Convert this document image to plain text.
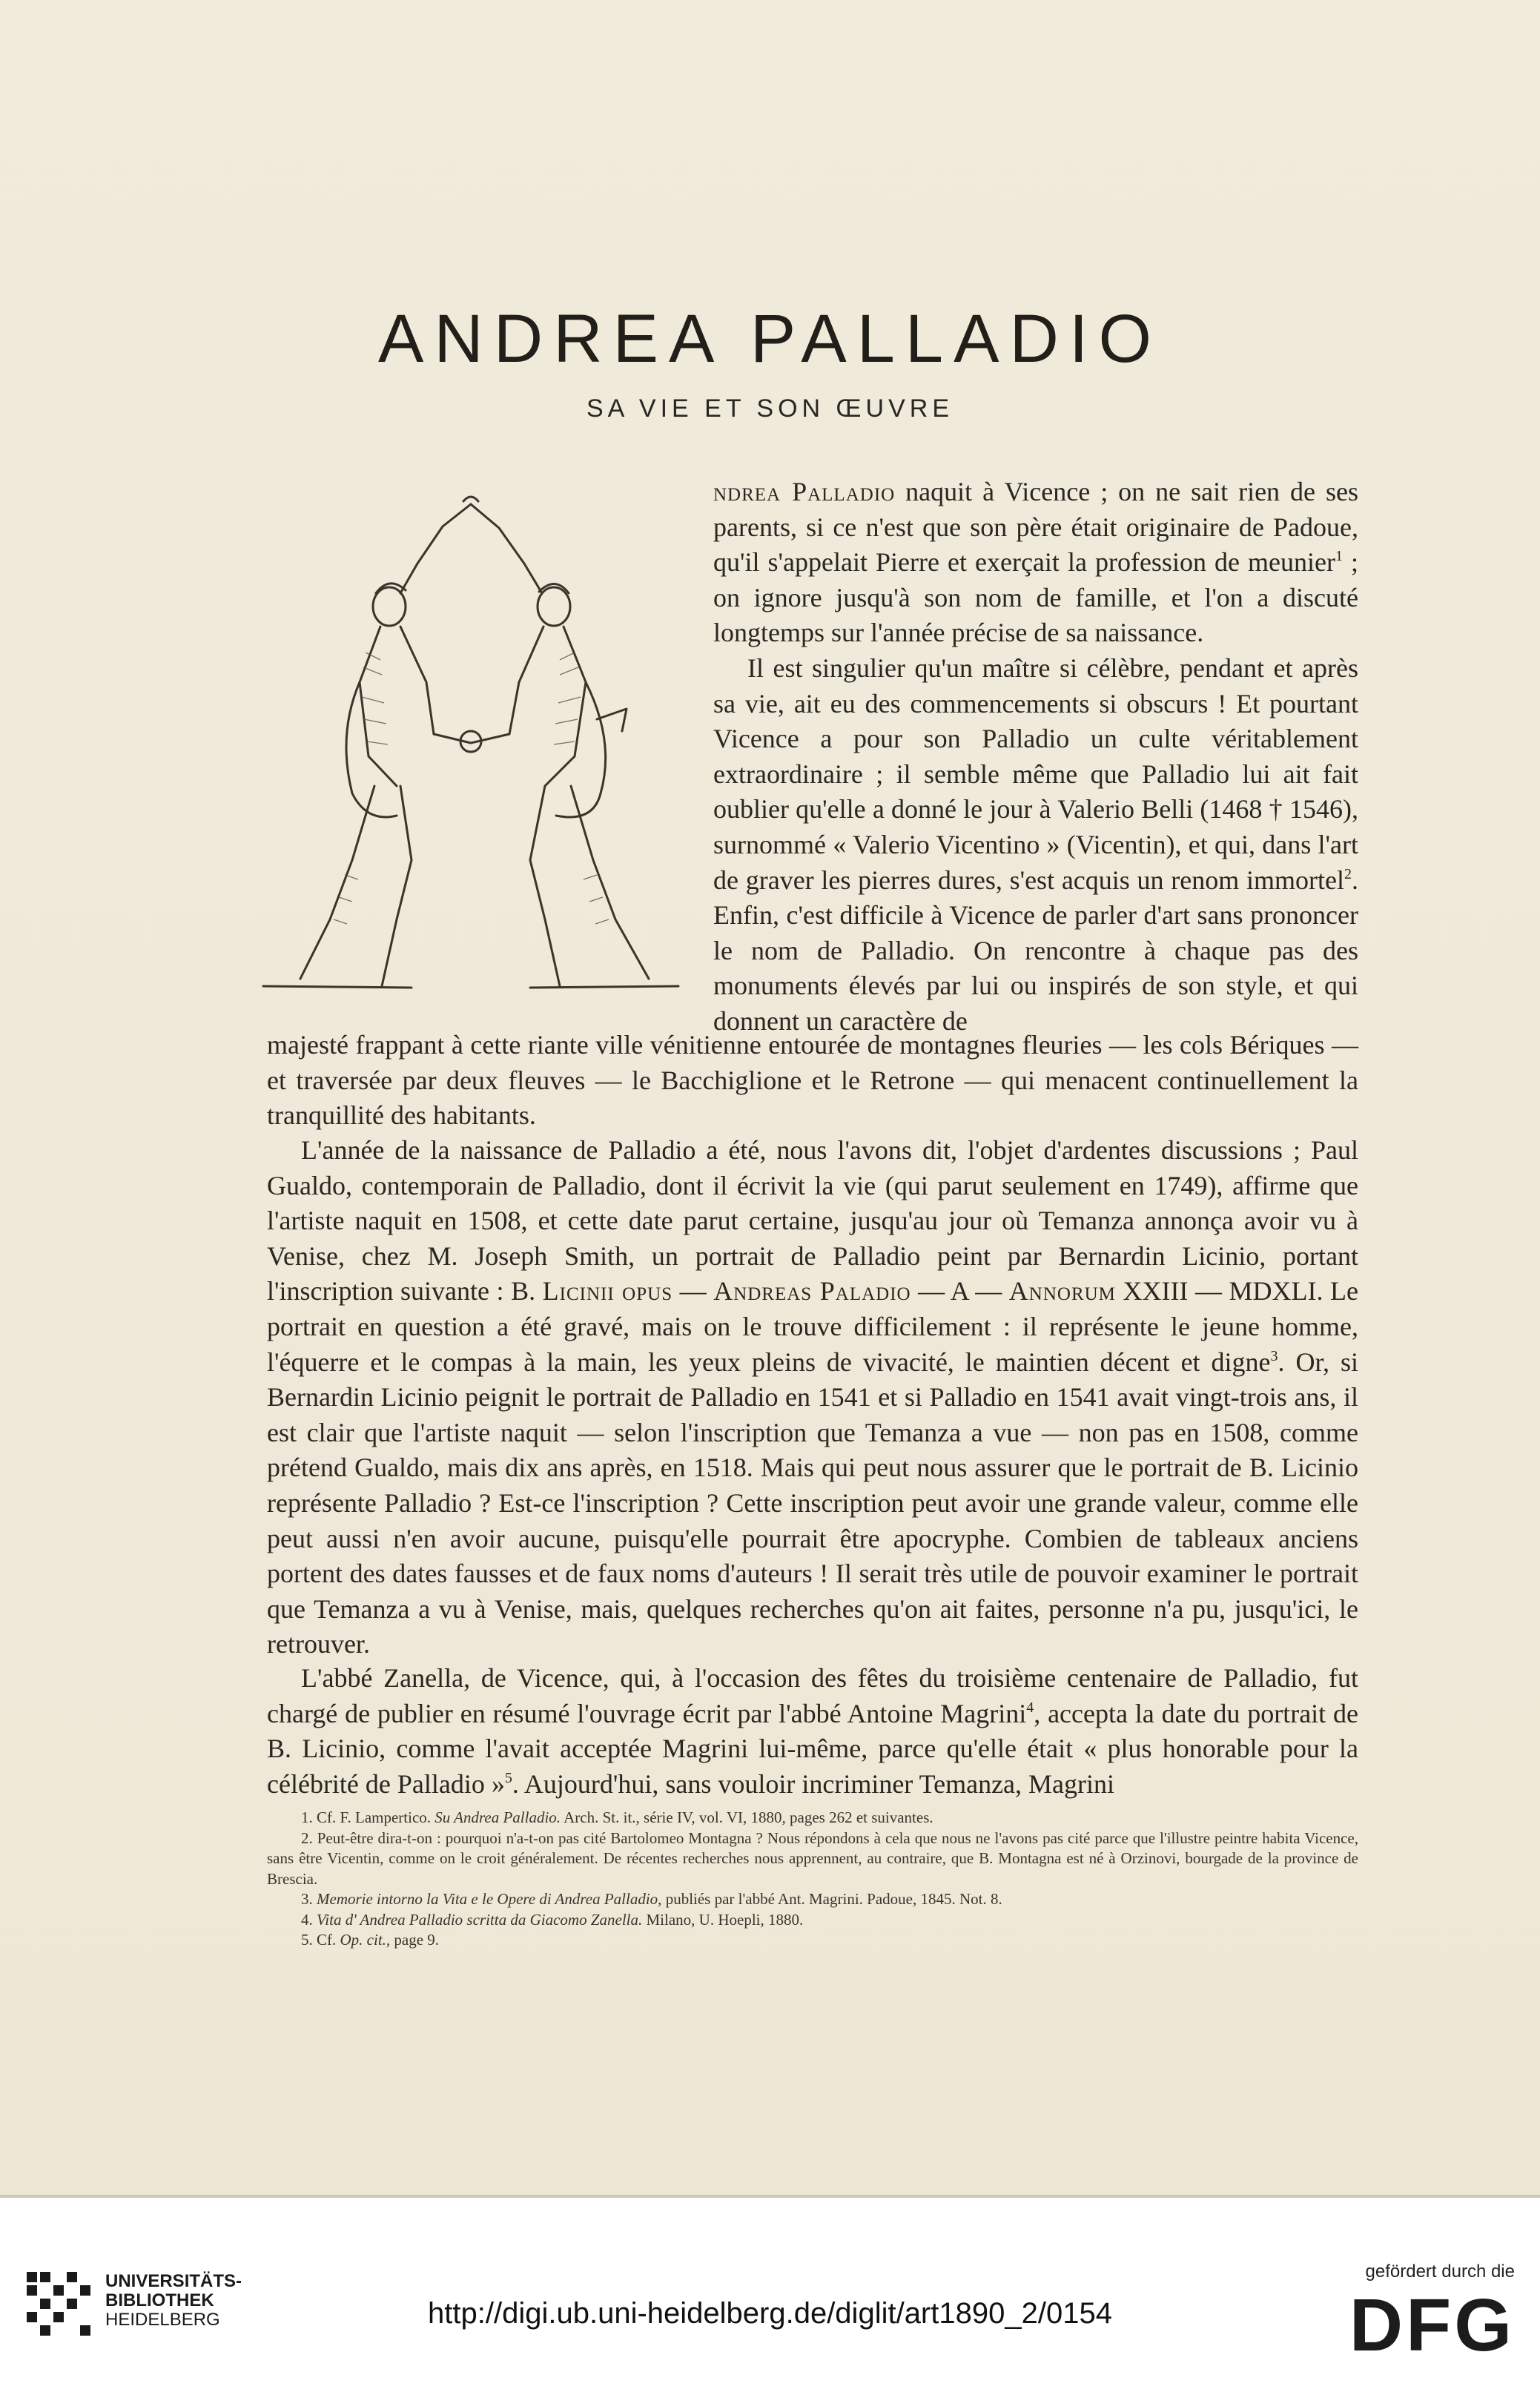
ANDREA PALLADIO
SA VIE ET SON ŒUVRE

ndrea Palladio naquit à Vicence ; on ne sait rien de ses parents, si ce n'est que son père était originaire de Padoue, qu'il s'appelait Pierre et exerçait la profession de meunier$^1$ ; on ignore jusqu'à son nom de famille, et l'on a discuté longtemps sur l'année précise de sa naissance.

Il est singulier qu'un maître si célèbre, pendant et après sa vie, ait eu des commencements si obscurs ! Et pourtant Vicence a pour son Palladio un culte véritablement extraordinaire ; il semble même que Palladio lui ait fait oublier qu'elle a donné le jour à Valerio Belli (1468 † 1546), surnommé « Valerio Vicentino » (Vicentin), et qui, dans l'art de graver les pierres dures, s'est acquis un renom immortel$^2$. Enfin, c'est difficile à Vicence de parler d'art sans prononcer le nom de Palladio. On rencontre à chaque pas des monuments élevés par lui ou inspirés de son style, et qui donnent un caractère de

majesté frappant à cette riante ville vénitienne entourée de montagnes fleuries — les cols Bériques — et traversée par deux fleuves — le Bacchiglione et le Retrone — qui menacent continuellement la tranquillité des habitants.

L'année de la naissance de Palladio a été, nous l'avons dit, l'objet d'ardentes discussions ; Paul Gualdo, contemporain de Palladio, dont il écrivit la vie (qui parut seulement en 1749), affirme que l'artiste naquit en 1508, et cette date parut certaine, jusqu'au jour où Temanza annonça avoir vu à Venise, chez M. Joseph Smith, un portrait de Palladio peint par Bernardin Licinio, portant l'inscription suivante : B. Licinii opus — Andreas Paladio — A — Annorum XXIII — MDXLI. Le portrait en question a été gravé, mais on le trouve difficilement : il représente le jeune homme, l'équerre et le compas à la main, les yeux pleins de vivacité, le maintien décent et digne$^3$. Or, si Bernardin Licinio peignit le portrait de Palladio en 1541 et si Palladio en 1541 avait vingt-trois ans, il est clair que l'artiste naquit — selon l'inscription que Temanza a vue — non pas en 1508, comme prétend Gualdo, mais dix ans après, en 1518. Mais qui peut nous assurer que le portrait de B. Licinio représente Palladio ? Est-ce l'inscription ? Cette inscription peut avoir une grande valeur, comme elle peut aussi n'en avoir aucune, puisqu'elle pourrait être apocryphe. Combien de tableaux anciens portent des dates fausses et de faux noms d'auteurs ! Il serait très utile de pouvoir examiner le portrait que Temanza a vu à Venise, mais, quelques recherches qu'on ait faites, personne n'a pu, jusqu'ici, le retrouver.

L'abbé Zanella, de Vicence, qui, à l'occasion des fêtes du troisième centenaire de Palladio, fut chargé de publier en résumé l'ouvrage écrit par l'abbé Antoine Magrini$^4$, accepta la date du portrait de B. Licinio, comme l'avait acceptée Magrini lui-même, parce qu'elle était « plus honorable pour la célébrité de Palladio »$^5$. Aujourd'hui, sans vouloir incriminer Temanza, Magrini

1. Cf. F. Lampertico. Su Andrea Palladio. Arch. St. it., série IV, vol. VI, 1880, pages 262 et suivantes.

2. Peut-être dira-t-on : pourquoi n'a-t-on pas cité Bartolomeo Montagna ? Nous répondons à cela que nous ne l'avons pas cité parce que l'illustre peintre habita Vicence, sans être Vicentin, comme on le croit généralement. De récentes recherches nous apprennent, au contraire, que B. Montagna est né à Orzinovi, bourgade de la province de Brescia.

3. Memorie intorno la Vita e le Opere di Andrea Palladio, publiés par l'abbé Ant. Magrini. Padoue, 1845. Not. 8.

4. Vita d' Andrea Palladio scritta da Giacomo Zanella. Milano, U. Hoepli, 1880.

5. Cf. Op. cit., page 9.

UNIVERSITÄTS-
BIBLIOTHEK
HEIDELBERG	http://digi.ub.uni-heidelberg.de/diglit/art1890_2/0154
gefördert durch die
DFG
